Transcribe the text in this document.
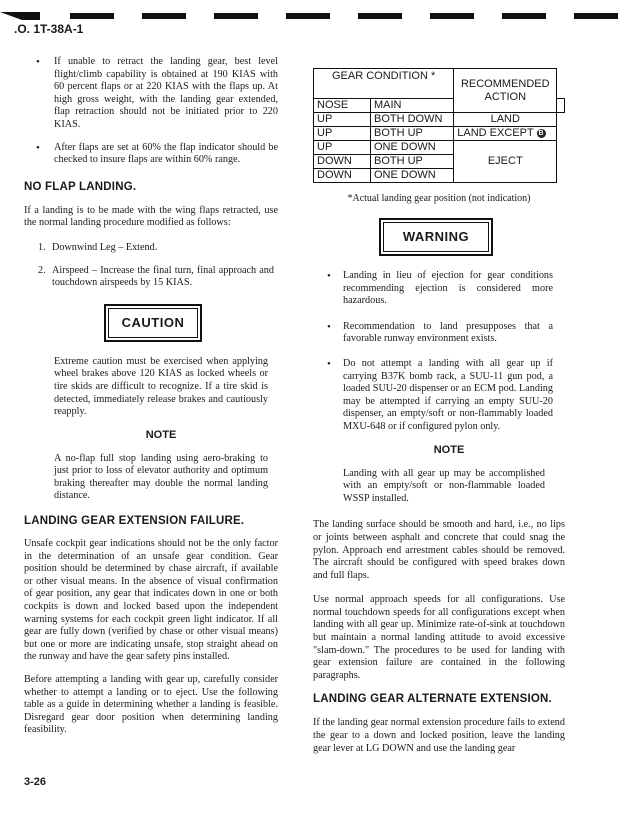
.O. 1T-38A-1

• If unable to retract the landing gear, best level flight/climb capability is obtained at 190 KIAS with 60 percent flaps or at 220 KIAS with the flaps up. At high gross weight, with the landing gear extended, flap retraction should not be initiated prior to 220 KIAS.

• After flaps are set at 60% the flap indicator should be checked to insure flaps are within 60% range.

NO FLAP LANDING.

If a landing is to be made with the wing flaps retracted, use the normal landing procedure modified as follows:

1. Downwind Leg – Extend.

2. Airspeed – Increase the final turn, final approach and touchdown airspeeds by 15 KIAS.

CAUTION

Extreme caution must be exercised when applying wheel brakes above 120 KIAS as locked wheels or tire skids are difficult to recognize. If a tire skid is detected, immediately release brakes and cautiously reapply.

NOTE

A no-flap full stop landing using aero-braking to just prior to loss of elevator authority and optimum braking thereafter may double the normal landing distance.

LANDING GEAR EXTENSION FAILURE.

Unsafe cockpit gear indications should not be the only factor in the determination of an unsafe gear condition. Gear position should be determined by chase aircraft, if available or other visual means. In the absence of visual confirmation of gear position, any gear that indicates down in one or both cockpits is down and locked based upon the independent warning systems for each cockpit green light indicator. If all gear are fully down (verified by chase or other visual means) but one or more are indicating unsafe, stop straight ahead on the runway and have the gear safety pins installed.

Before attempting a landing with gear up, carefully consider whether to attempt a landing or to eject. Use the following table as a guide in determining whether a landing is feasible. Disregard gear door position when determining landing feasibility.

GEAR CONDITION *		RECOMMENDED ACTION	
NOSE	MAIN		
UP	BOTH DOWN	LAND	
UP	BOTH UP	LAND EXCEPT B	
UP	ONE DOWN	EJECT	
DOWN	BOTH UP		
DOWN	ONE DOWN		
*Actual landing gear position (not indication)
WARNING

• Landing in lieu of ejection for gear conditions recommending ejection is considered more hazardous.

• Recommendation to land presupposes that a favorable runway environment exists.

• Do not attempt a landing with all gear up if carrying B37K bomb rack, a SUU-11 gun pod, a loaded SUU-20 dispenser or an ECM pod. Landing may be attempted if carrying an empty SUU-20 dispenser, an empty/soft or non-flammably loaded MXU-648 or if configured pylon only.

NOTE

Landing with all gear up may be accomplished with an empty/soft or non-flammable loaded WSSP installed.

The landing surface should be smooth and hard, i.e., no lips or joints between asphalt and concrete that could snag the pylon. Approach end arrestment cables should be removed. The aircraft should be configured with speed brakes down and full flaps.

Use normal approach speeds for all configurations. Use normal touchdown speeds for all configurations except when landing with all gear up. Minimize rate-of-sink at touchdown but maintain a normal landing attitude to avoid excessive "slam-down." The procedures to be used for landing with gear extension failure are contained in the following paragraphs.

LANDING GEAR ALTERNATE EXTENSION.

If the landing gear normal extension procedure fails to extend the gear to a down and locked position, leave the landing gear lever at LG DOWN and use the landing gear

3-26
